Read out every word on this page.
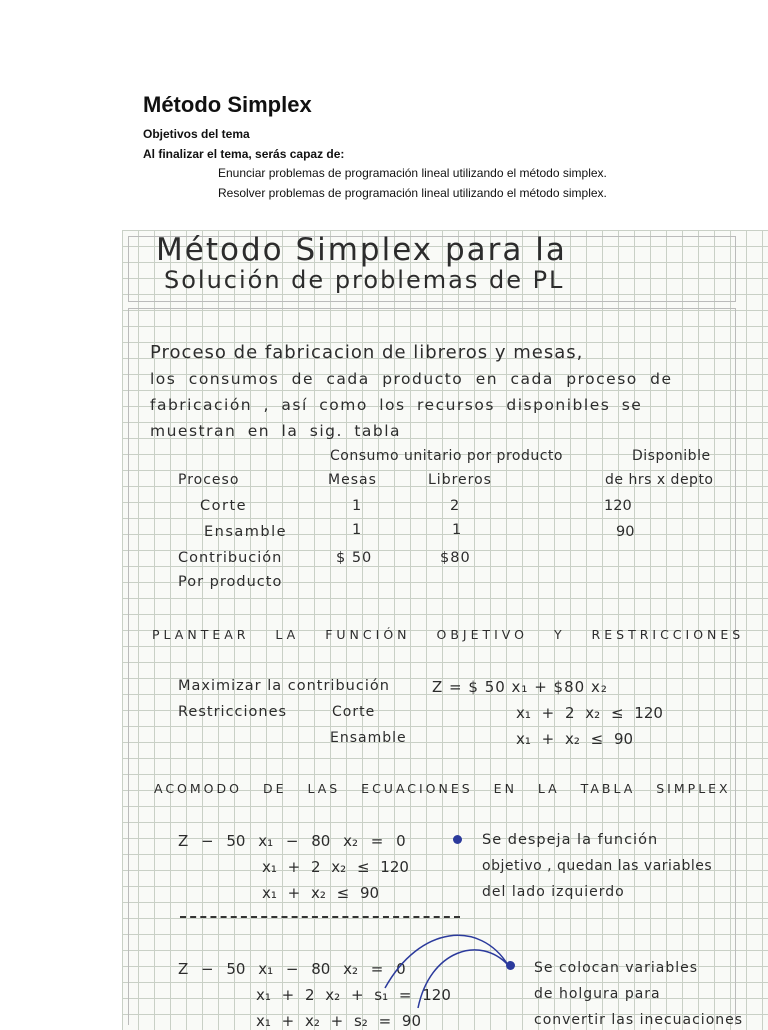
Método Simplex
Objetivos del tema
Al finalizar el tema, serás capaz de:
Enunciar problemas de programación lineal utilizando el método simplex.
Resolver problemas de programación lineal utilizando el método simplex.
Método Simplex para la
Solución de problemas de PL
Proceso de fabricacion de libreros y mesas,
los consumos de cada producto en cada proceso de
fabricación , así como los recursos disponibles se
muestran en la sig. tabla
Consumo unitario por producto	Disponible
Proceso	Mesas	Libreros	de hrs x depto
Corte	1	2	120
Ensamble	1	1	90
Contribución	$ 50	$80
Por producto
PLANTEAR LA FUNCIÓN OBJETIVO Y RESTRICCIONES
Maximizar la contribución	Z = $ 50 x₁ + $80 x₂
Restricciones	Corte	x₁ + 2 x₂ ≤ 120
Ensamble	x₁ + x₂ ≤ 90
ACOMODO DE LAS ECUACIONES EN LA TABLA SIMPLEX
Z − 50 x₁ − 80 x₂ = 0
x₁ + 2 x₂ ≤ 120
x₁ + x₂ ≤ 90
Se despeja la función
objetivo , quedan las variables
del lado izquierdo
Z − 50 x₁ − 80 x₂ = 0
x₁ + 2 x₂ + s₁ = 120
x₁ + x₂ + s₂ = 90
Se colocan variables
de holgura para
convertir las inecuaciones
